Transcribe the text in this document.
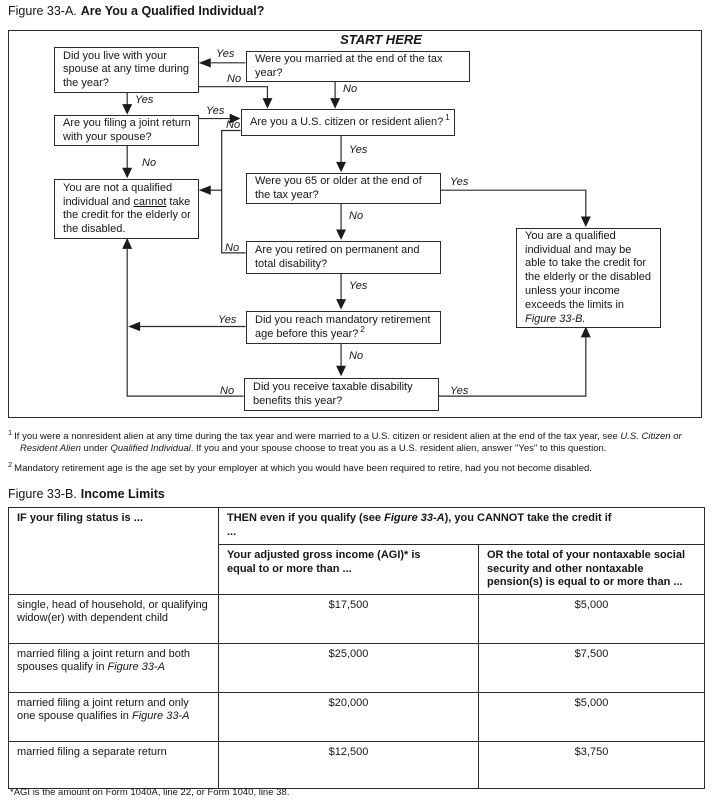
Figure 33-A. Are You a Qualified Individual?
START HERE
Were you married at the end of the tax year?
Did you live with your spouse at any time during the year?
Are you filing a joint return with your spouse?
Are you a U.S. citizen or resident alien? $^1$
You are not a qualified individual and cannot take the credit for the elderly or the disabled.
Were you 65 or older at the end of the tax year?
Are you retired on permanent and total disability?
Did you reach mandatory retirement age before this year? $^2$
Did you receive taxable disability benefits this year?
You are a qualified individual and may be able to take the credit for the elderly or the disabled unless your income exceeds the limits in Figure 33-B.
Yes
No
No
Yes
Yes
No
No
Yes
Yes
No
No
Yes
Yes
No
No	Yes
$^1$ If you were a nonresident alien at any time during the tax year and were married to a U.S. citizen or resident alien at the end of the tax year, see U.S. Citizen or Resident Alien under Qualified Individual. If you and your spouse choose to treat you as a U.S. resident alien, answer "Yes" to this question.
$^2$ Mandatory retirement age is the age set by your employer at which you would have been required to retire, had you not become disabled.
Figure 33-B. Income Limits
IF your filing status is ...	THEN even if you qualify (see Figure 33-A), you CANNOT take the credit if ...	

	Your adjusted gross income (AGI)* is equal to or more than ...	OR the total of your nontaxable social security and other nontaxable pension(s) is equal to or more than ...
single, head of household, or qualifying widow(er) with dependent child	$17,500	$5,000
married filing a joint return and both spouses qualify in Figure 33-A	$25,000	$7,500
married filing a joint return and only one spouse qualifies in Figure 33-A	$20,000	$5,000
married filing a separate return	$12,500	$3,750
*AGI is the amount on Form 1040A, line 22, or Form 1040, line 38.
